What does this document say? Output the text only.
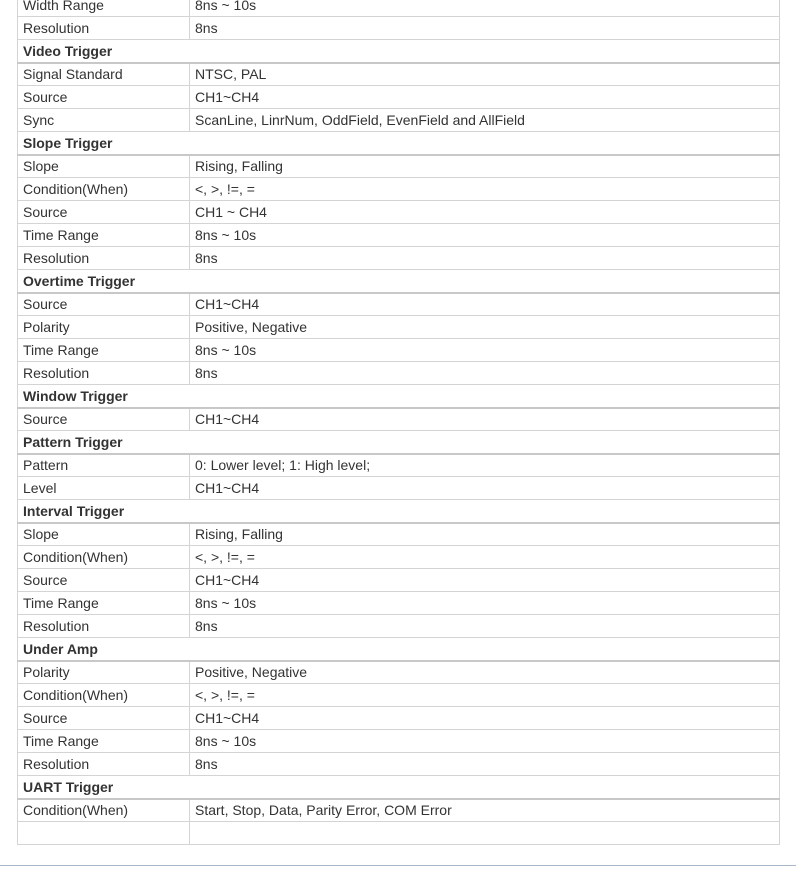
Width Range	8ns ~ 10s
Resolution	8ns
Video Trigger	
Signal Standard	NTSC, PAL
Source	CH1~CH4
Sync	ScanLine, LinrNum, OddField, EvenField and AllField
Slope Trigger	
Slope	Rising, Falling
Condition(When)	<, >, !=, =
Source	CH1 ~ CH4
Time Range	8ns ~ 10s
Resolution	8ns
Overtime Trigger	
Source	CH1~CH4
Polarity	Positive, Negative
Time Range	8ns ~ 10s
Resolution	8ns
Window Trigger	
Source	CH1~CH4
Pattern Trigger	
Pattern	0: Lower level; 1: High level;
Level	CH1~CH4
Interval Trigger	
Slope	Rising, Falling
Condition(When)	<, >, !=, =
Source	CH1~CH4
Time Range	8ns ~ 10s
Resolution	8ns
Under Amp	
Polarity	Positive, Negative
Condition(When)	<, >, !=, =
Source	CH1~CH4
Time Range	8ns ~ 10s
Resolution	8ns
UART Trigger	
Condition(When)	Start, Stop, Data, Parity Error, COM Error
